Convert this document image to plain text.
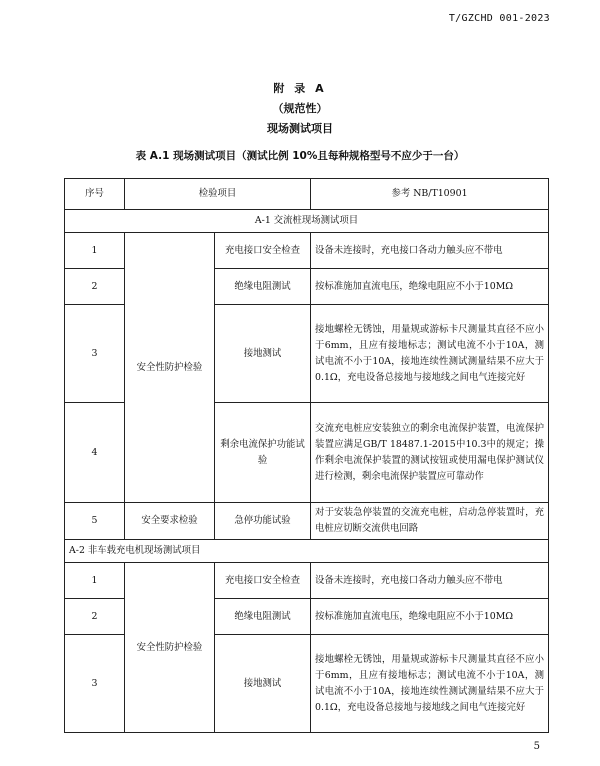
T/GZCHD 001-2023
附 录 A
（规范性）
现场测试项目
表 A.1 现场测试项目（测试比例 10%且每种规格型号不应少于一台）
序号	检验项目		参考 NB/T10901
A-1 交流桩现场测试项目			
1	安全性防护检验	充电接口安全检查	设备未连接时，充电接口各动力触头应不带电
2		绝缘电阻测试	按标准施加直流电压，绝缘电阻应不小于10MΩ
3		接地测试	接地螺栓无锈蚀，用量规或游标卡尺测量其直径不应小于6mm，且应有接地标志；测试电流不小于10A，测试电流不小于10A，接地连续性测试测量结果不应大于0.1Ω，充电设备总接地与接地线之间电气连接完好
4		剩余电流保护功能试验	交流充电桩应安装独立的剩余电流保护装置，电流保护装置应满足GB/T 18487.1-2015中10.3中的规定；操作剩余电流保护装置的测试按钮或使用漏电保护测试仪进行检测，剩余电流保护装置应可靠动作
5	安全要求检验	急停功能试验	对于安装急停装置的交流充电桩，启动急停装置时，充电桩应切断交流供电回路
A-2 非车载充电机现场测试项目			
1	安全性防护检验	充电接口安全检查	设备未连接时，充电接口各动力触头应不带电
2		绝缘电阻测试	按标准施加直流电压，绝缘电阻应不小于10MΩ
3		接地测试	接地螺栓无锈蚀，用量规或游标卡尺测量其直径不应小于6mm，且应有接地标志；测试电流不小于10A，测试电流不小于10A，接地连续性测试测量结果不应大于0.1Ω，充电设备总接地与接地线之间电气连接完好
5
